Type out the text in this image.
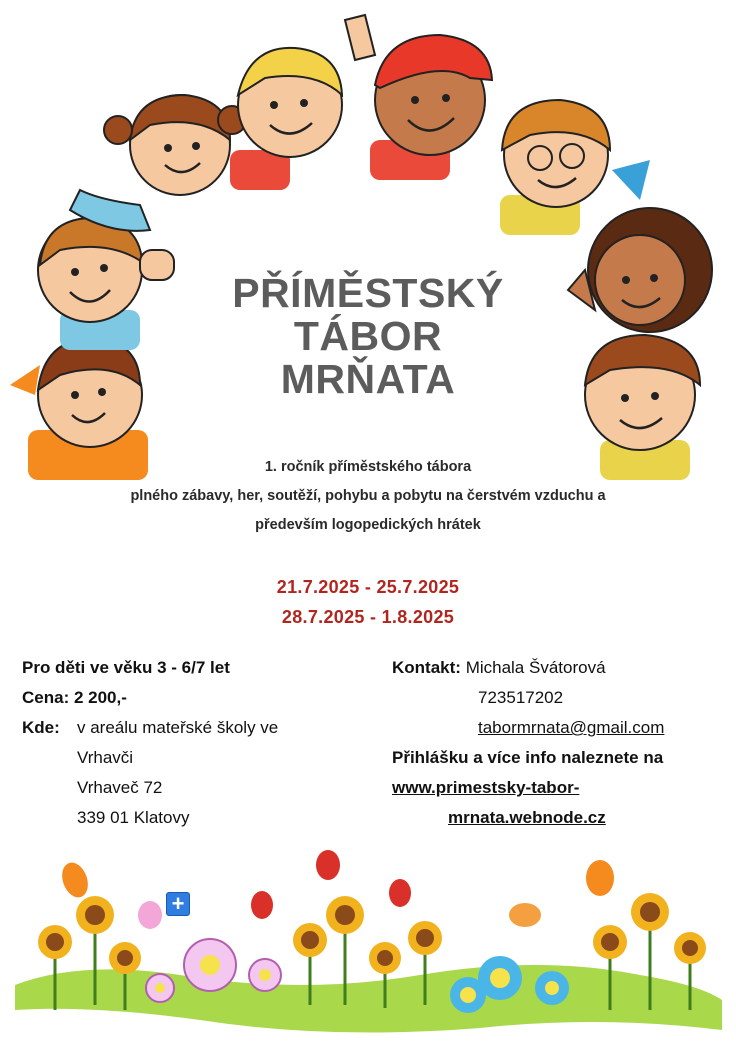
PŘÍMĚSTSKÝ
TÁBOR
MRŇATA
1. ročník příměstského tábora
plného zábavy, her, soutěží, pohybu a pobytu na čerstvém vzduchu a
především logopedických hrátek
21.7.2025 - 25.7.2025
28.7.2025 - 1.8.2025
Pro děti ve věku 3 - 6/7 let
Cena: 2 200,-
Kde:	v areálu mateřské školy ve
Vrhavči
Vrhaveč 72
339 01 Klatovy
Kontakt: Michala Švátorová
723517202
tabormrnata@gmail.com
Přihlášku a více info naleznete na
www.primestsky-tabor-
mrnata.webnode.cz
+
